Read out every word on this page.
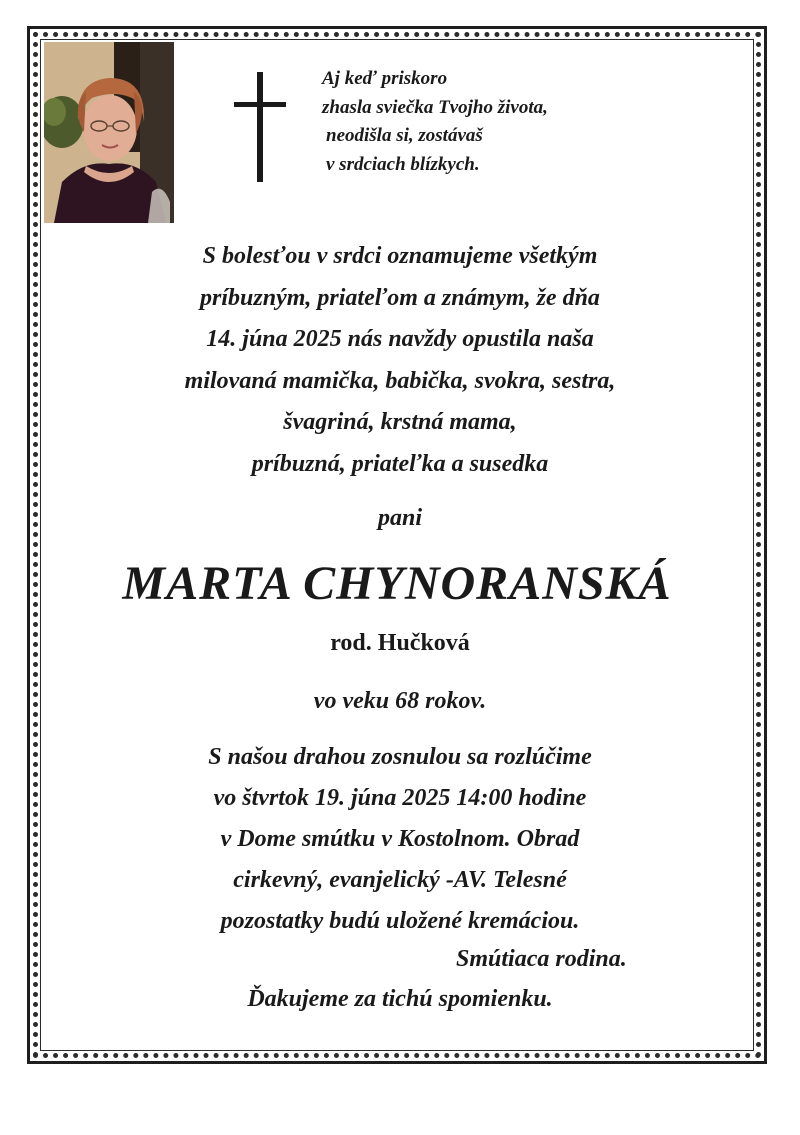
Aj keď priskoro
zhasla sviečka Tvojho života,
neodišla si, zostávaš
v srdciach blízkych.
S bolesťou v srdci oznamujeme všetkým
príbuzným, priateľom a známym, že dňa
14. júna 2025 nás navždy opustila naša
milovaná mamička, babička, svokra, sestra,
švagriná, krstná mama,
príbuzná, priateľka a susedka
pani
MARTA CHYNORANSKÁ
rod. Hučková
vo veku 68 rokov.
S našou drahou zosnulou sa rozlúčime
vo štvrtok 19. júna 2025 14:00 hodine
v Dome smútku v Kostolnom. Obrad
cirkevný, evanjelický -AV. Telesné
pozostatky budú uložené kremáciou.
Smútiaca rodina.
Ďakujeme za tichú spomienku.
